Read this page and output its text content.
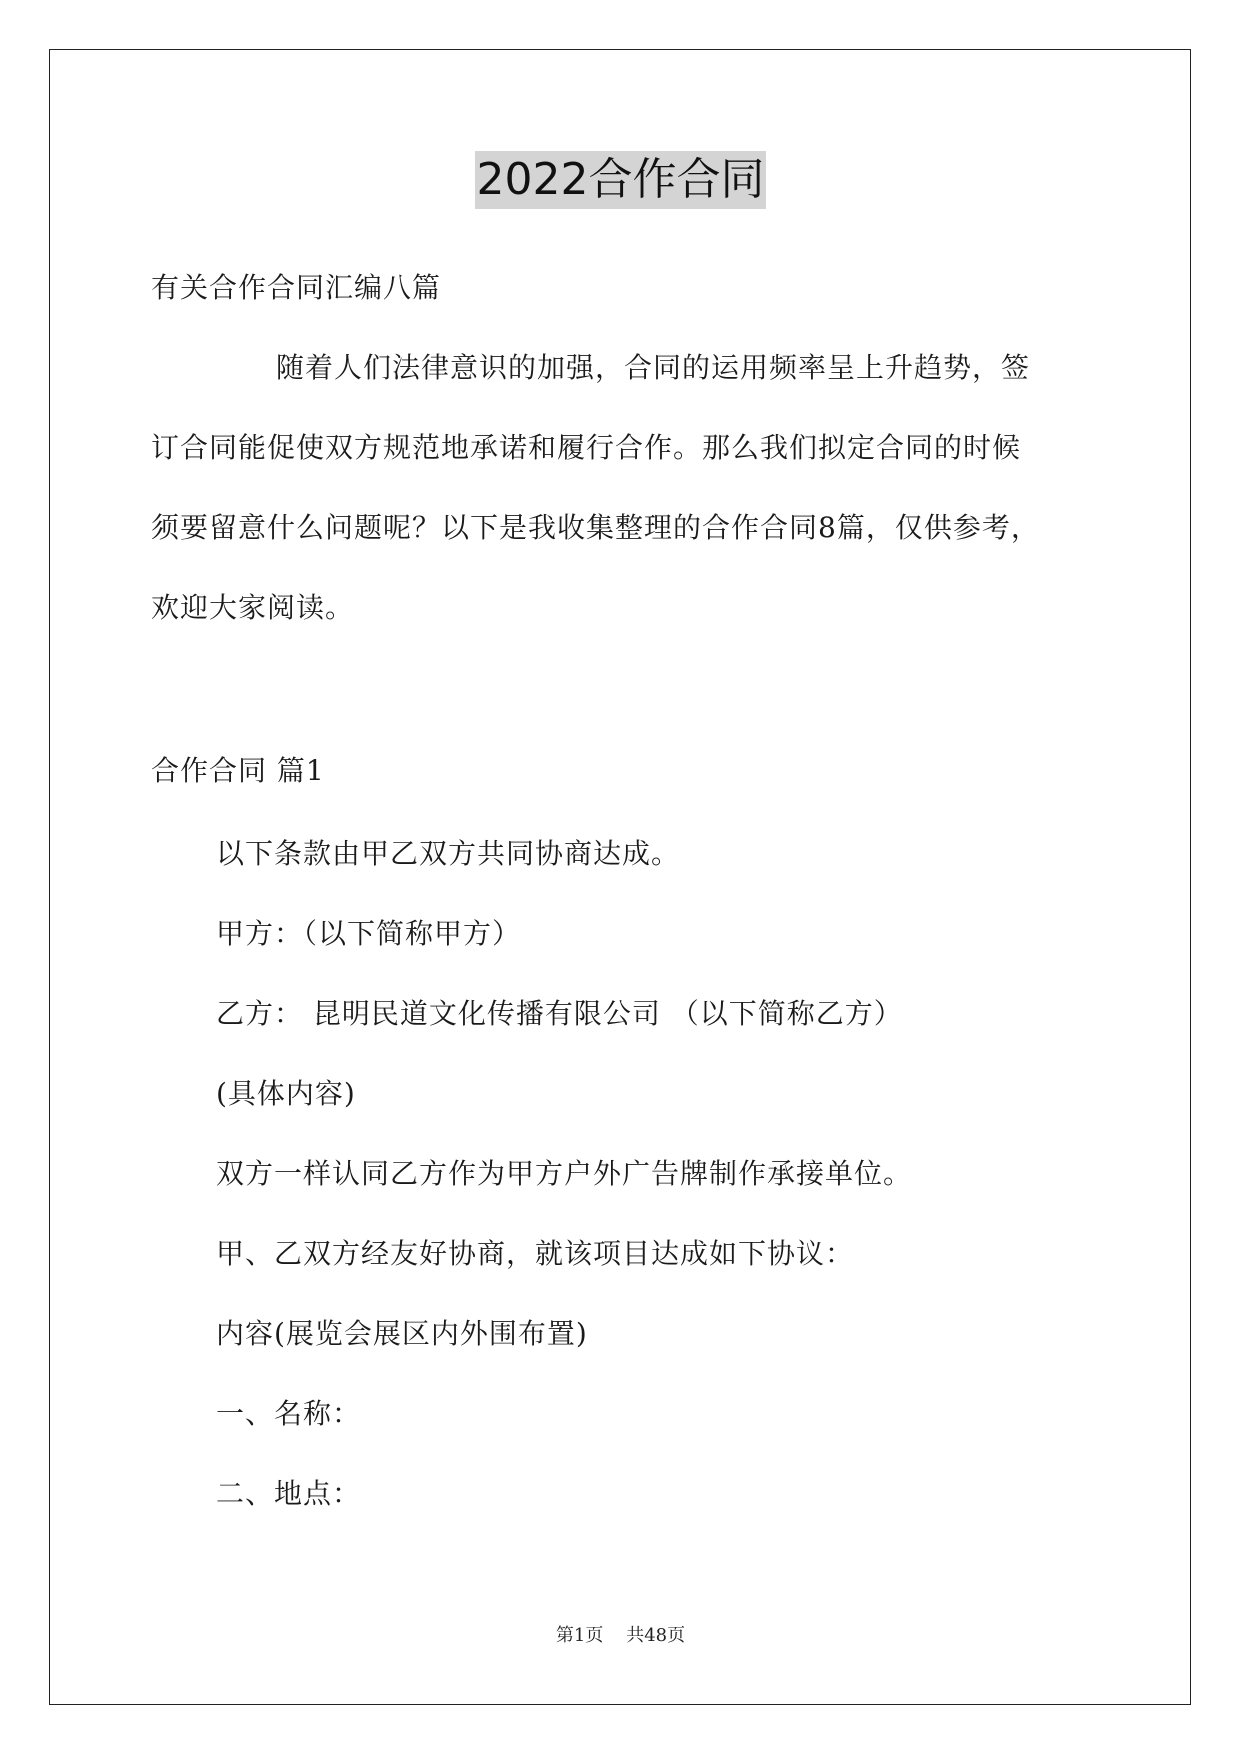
2022合作合同
有关合作合同汇编八篇
随着人们法律意识的加强，合同的运用频率呈上升趋势，签
订合同能促使双方规范地承诺和履行合作。那么我们拟定合同的时候
须要留意什么问题呢？以下是我收集整理的合作合同8篇，仅供参考，
欢迎大家阅读。
合作合同 篇1
以下条款由甲乙双方共同协商达成。
甲方：（以下简称甲方）
乙方： 昆明民道文化传播有限公司 （以下简称乙方）
(具体内容)
双方一样认同乙方作为甲方户外广告牌制作承接单位。
甲、乙双方经友好协商，就该项目达成如下协议：
内容(展览会展区内外围布置)
一、名称：
二、地点：
第1页 共48页
